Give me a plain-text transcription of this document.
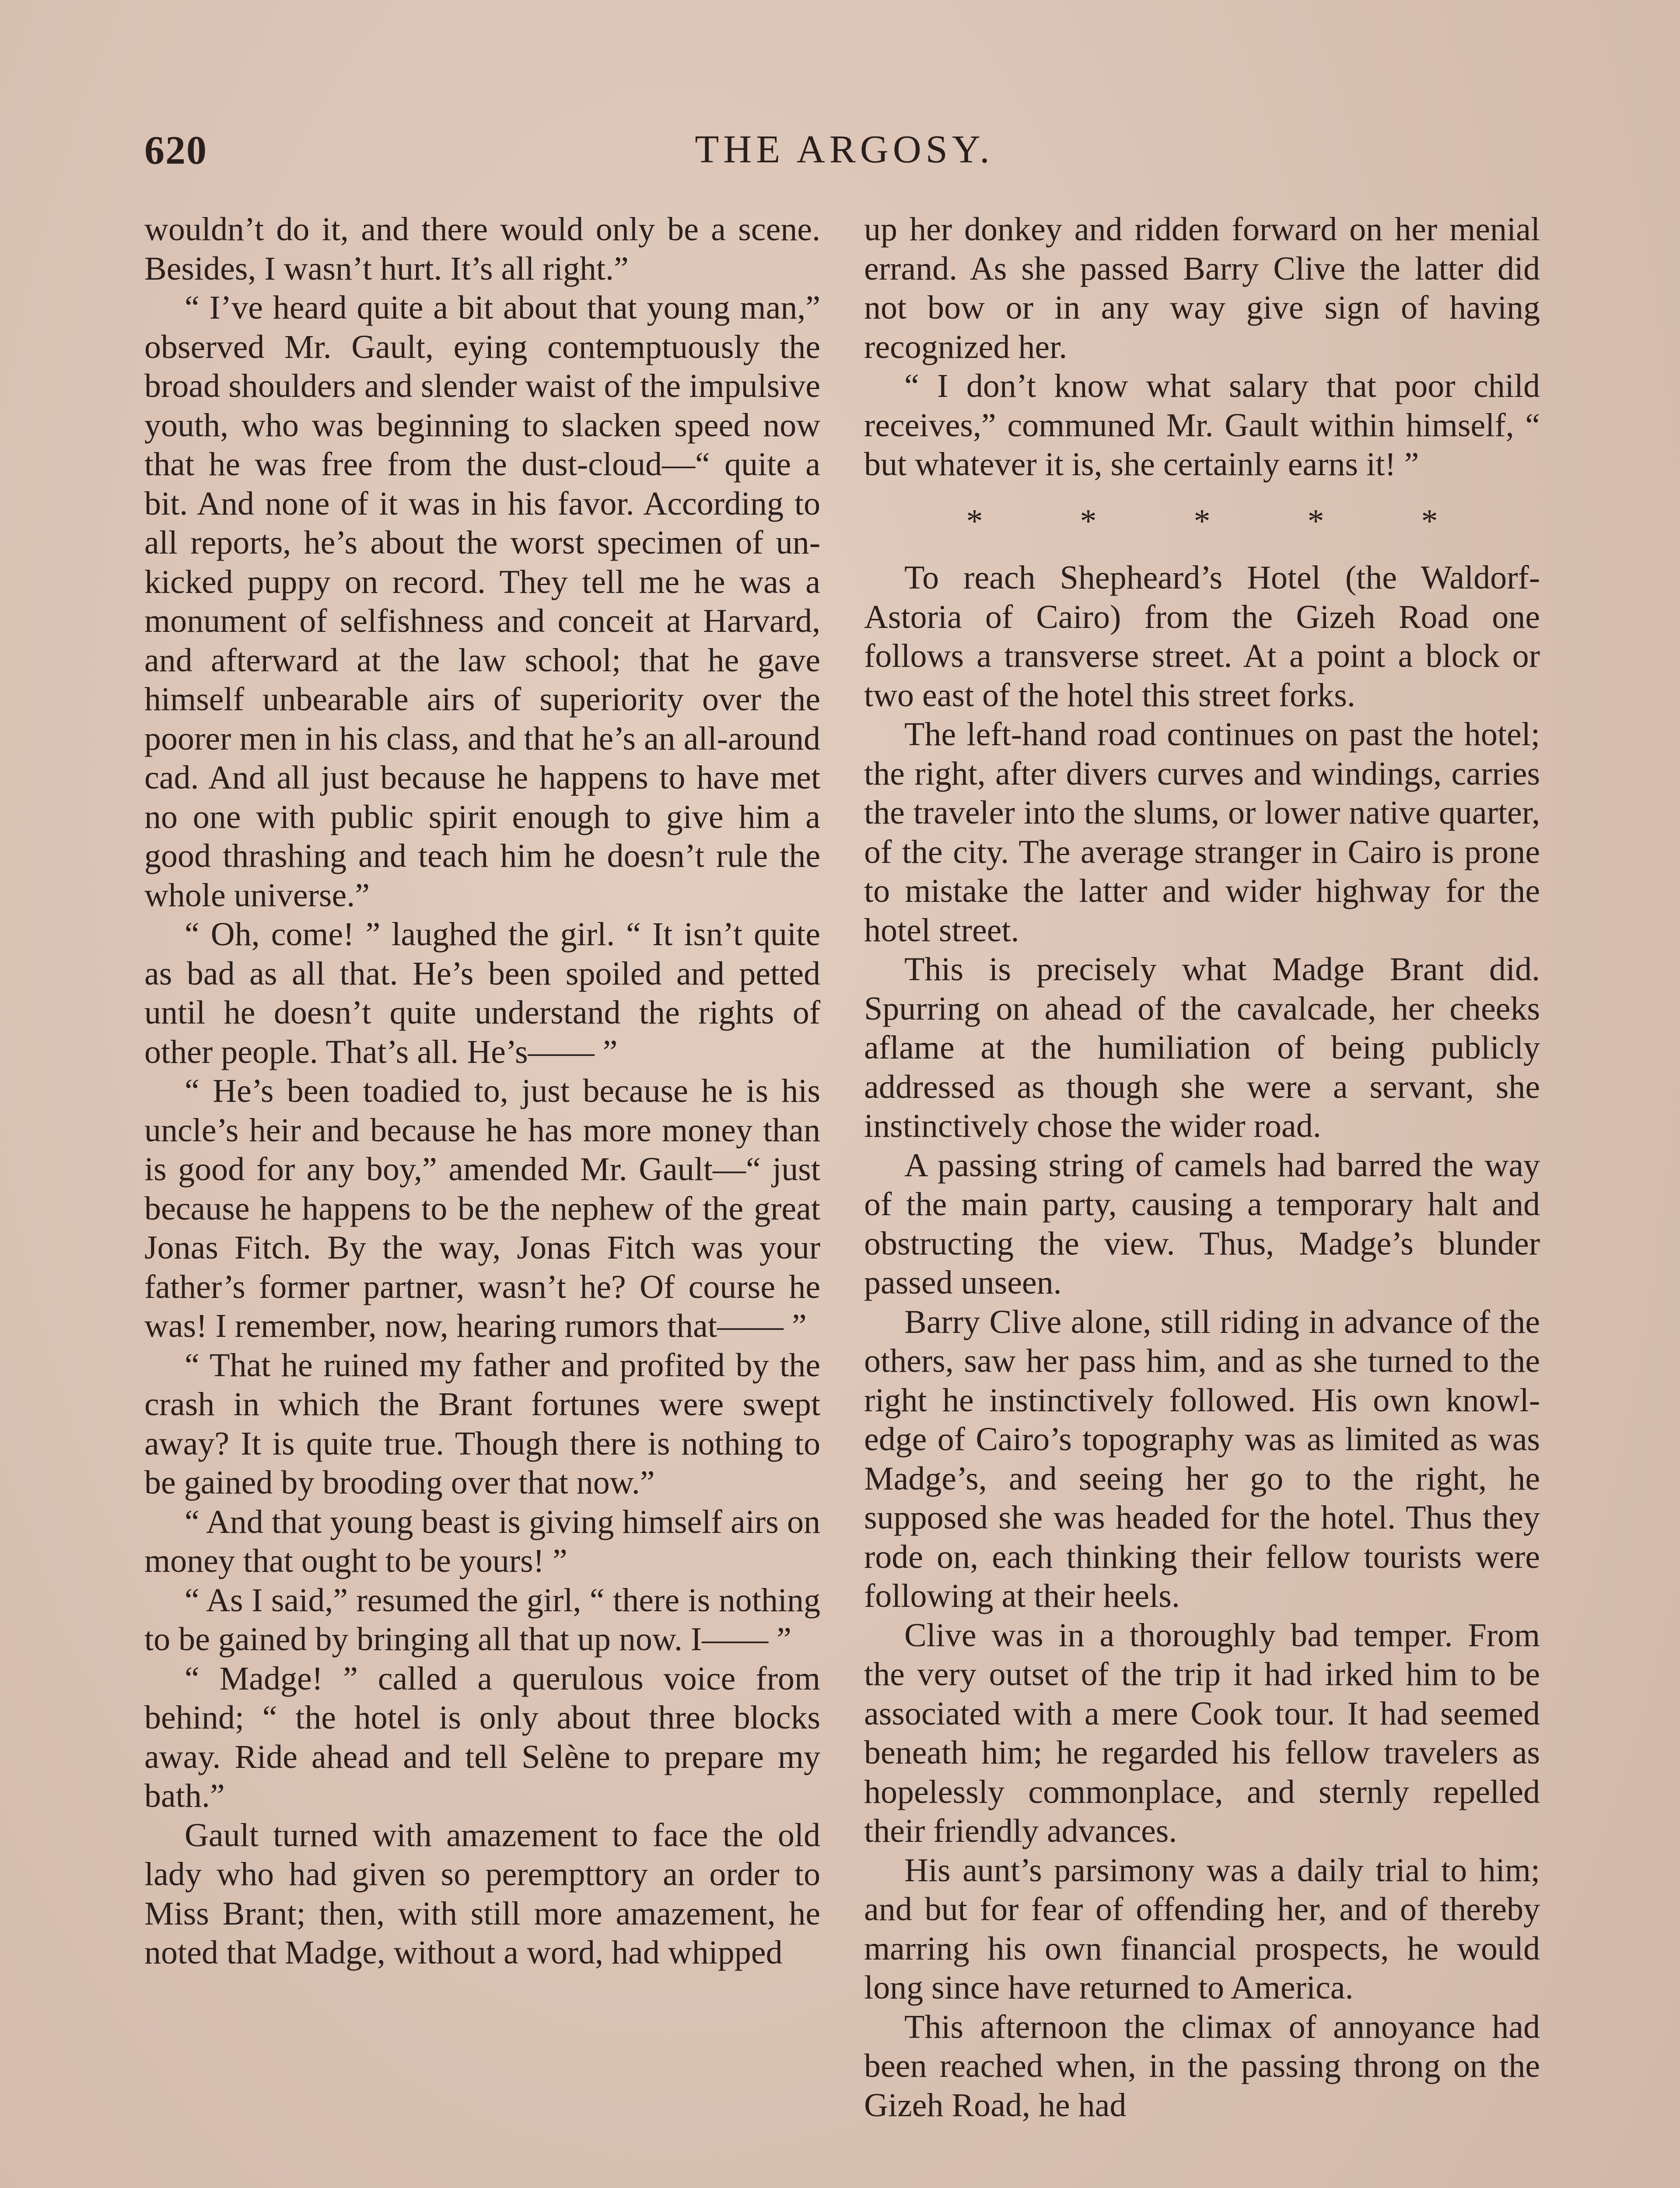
620	THE ARGOSY.

wouldn’t do it, and there would only be a scene. Besides, I wasn’t hurt. It’s all right.”

“ I’ve heard quite a bit about that young man,” observed Mr. Gault, eying contemptuously the broad shoulders and slender waist of the impulsive youth, who was beginning to slacken speed now that he was free from the dust-cloud—“ quite a bit. And none of it was in his favor. According to all reports, he’s about the worst specimen of unkicked puppy on record. They tell me he was a monument of selfishness and conceit at Harvard, and afterward at the law school; that he gave himself unbearable airs of superiority over the poorer men in his class, and that he’s an all-around cad. And all just because he happens to have met no one with public spirit enough to give him a good thrashing and teach him he doesn’t rule the whole universe.”

“ Oh, come! ” laughed the girl. “ It isn’t quite as bad as all that. He’s been spoiled and petted until he doesn’t quite understand the rights of other people. That’s all. He’s—— ”

“ He’s been toadied to, just because he is his uncle’s heir and because he has more money than is good for any boy,” amended Mr. Gault—“ just because he happens to be the nephew of the great Jonas Fitch. By the way, Jonas Fitch was your father’s former partner, wasn’t he? Of course he was! I remember, now, hearing rumors that—— ”

“ That he ruined my father and profited by the crash in which the Brant fortunes were swept away? It is quite true. Though there is nothing to be gained by brooding over that now.”

“ And that young beast is giving himself airs on money that ought to be yours! ”

“ As I said,” resumed the girl, “ there is nothing to be gained by bringing all that up now. I—— ”

“ Madge! ” called a querulous voice from behind; “ the hotel is only about three blocks away. Ride ahead and tell Selène to prepare my bath.”

Gault turned with amazement to face the old lady who had given so perempttory an order to Miss Brant; then, with still more amazement, he noted that Madge, without a word, had whipped

up her donkey and ridden forward on her menial errand. As she passed Barry Clive the latter did not bow or in any way give sign of having recognized her.

“ I don’t know what salary that poor child receives,” communed Mr. Gault within himself, “ but whatever it is, she certainly earns it! ”

*	*	*	*	*

To reach Shepheard’s Hotel (the Waldorf-Astoria of Cairo) from the Gizeh Road one follows a transverse street. At a point a block or two east of the hotel this street forks.

The left-hand road continues on past the hotel; the right, after divers curves and windings, carries the traveler into the slums, or lower native quarter, of the city. The average stranger in Cairo is prone to mistake the latter and wider highway for the hotel street.

This is precisely what Madge Brant did. Spurring on ahead of the cavalcade, her cheeks aflame at the humiliation of being publicly addressed as though she were a servant, she instinctively chose the wider road.

A passing string of camels had barred the way of the main party, causing a temporary halt and obstructing the view. Thus, Madge’s blunder passed unseen.

Barry Clive alone, still riding in advance of the others, saw her pass him, and as she turned to the right he instinctively followed. His own knowledge of Cairo’s topography was as limited as was Madge’s, and seeing her go to the right, he supposed she was headed for the hotel. Thus they rode on, each thinking their fellow tourists were following at their heels.

Clive was in a thoroughly bad temper. From the very outset of the trip it had irked him to be associated with a mere Cook tour. It had seemed beneath him; he regarded his fellow travelers as hopelessly commonplace, and sternly repelled their friendly advances.

His aunt’s parsimony was a daily trial to him; and but for fear of offending her, and of thereby marring his own financial prospects, he would long since have returned to America.

This afternoon the climax of annoyance had been reached when, in the passing throng on the Gizeh Road, he had
